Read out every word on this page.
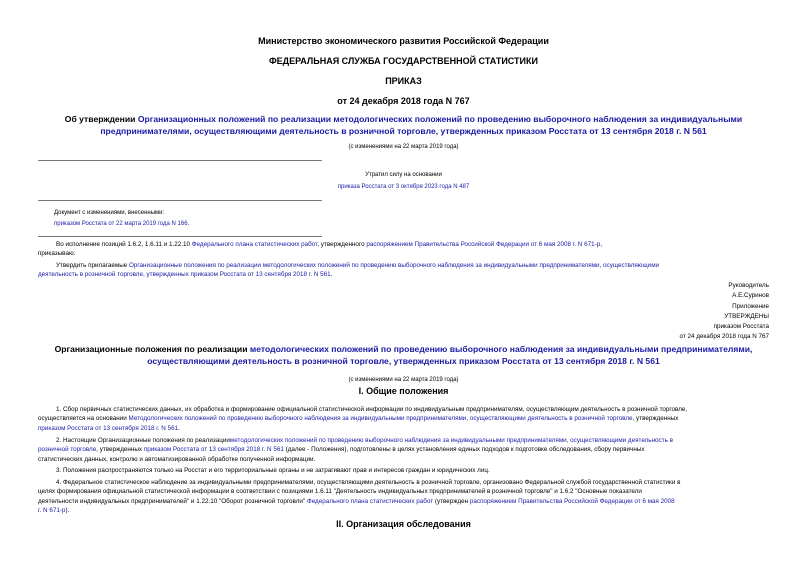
Министерство экономического развития Российской Федерации
ФЕДЕРАЛЬНАЯ СЛУЖБА ГОСУДАРСТВЕННОЙ СТАТИСТИКИ
ПРИКАЗ
от 24 декабря 2018 года N 767
Об утверждении Организационных положений по реализации методологических положений по проведению выборочного наблюдения за индивидуальными
предпринимателями, осуществляющими деятельность в розничной торговле, утвержденных приказом Росстата от 13 сентября 2018 г. N 561
(с изменениями на 22 марта 2019 года)
Утратил силу на основании
приказа Росстата от 3 октября 2023 года N 487
Документ с изменениями, внесенными:
приказом Росстата от 22 марта 2019 года N 166.
Во исполнение позиций 1.6.2, 1.6.11 и 1.22.10 Федерального плана статистических работ, утвержденного распоряжением Правительства Российской Федерации от 6 мая 2008 г. N 671-р,
приказываю:
Утвердить прилагаемые Организационные положения по реализации методологических положений по проведению выборочного наблюдения за индивидуальными предпринимателями, осуществляющими
деятельность в розничной торговле, утвержденных приказом Росстата от 13 сентября 2018 г. N 561.
Руководитель
А.Е.Суринов
Приложение
УТВЕРЖДЕНЫ
приказом Росстата
от 24 декабря 2018 года N 767
Организационные положения по реализации методологических положений по проведению выборочного наблюдения за индивидуальными предпринимателями,
осуществляющими деятельность в розничной торговле, утвержденных приказом Росстата от 13 сентября 2018 г. N 561
(с изменениями на 22 марта 2019 года)
I. Общие положения
1. Сбор первичных статистических данных, их обработка и формирование официальной статистической информации по индивидуальным предпринимателям, осуществляющим деятельность в розничной торговле,
осуществляется на основании Методологических положений по проведению выборочного наблюдения за индивидуальными предпринимателями, осуществляющими деятельность в розничной торговле, утвержденных
приказом Росстата от 13 сентября 2018 г. N 561.
2. Настоящие Организационные положения по реализацииметодологических положений по проведению выборочного наблюдения за индивидуальными предпринимателями, осуществляющими деятельность в
розничной торговле, утвержденных приказом Росстата от 13 сентября 2018 г. N 561 (далее - Положения), подготовлены в целях установления единых подходов к подготовке обследования, сбору первичных
статистических данных, контролю и автоматизированной обработке полученной информации.
3. Положения распространяются только на Росстат и его территориальные органы и не затрагивают прав и интересов граждан и юридических лиц.
4. Федеральное статистическое наблюдение за индивидуальными предпринимателями, осуществляющими деятельность в розничной торговле, организовано Федеральной службой государственной статистики в
целях формирования официальной статистической информации в соответствии с позициями 1.6.11 "Деятельность индивидуальных предпринимателей в розничной торговле" и 1.6.2 "Основные показатели
деятельности индивидуальных предпринимателей" и 1.22.10 "Оборот розничной торговли" Федерального плана статистических работ (утвержден распоряжением Правительства Российской Федерации от 6 мая 2008
г. N 671-р).
II. Организация обследования
